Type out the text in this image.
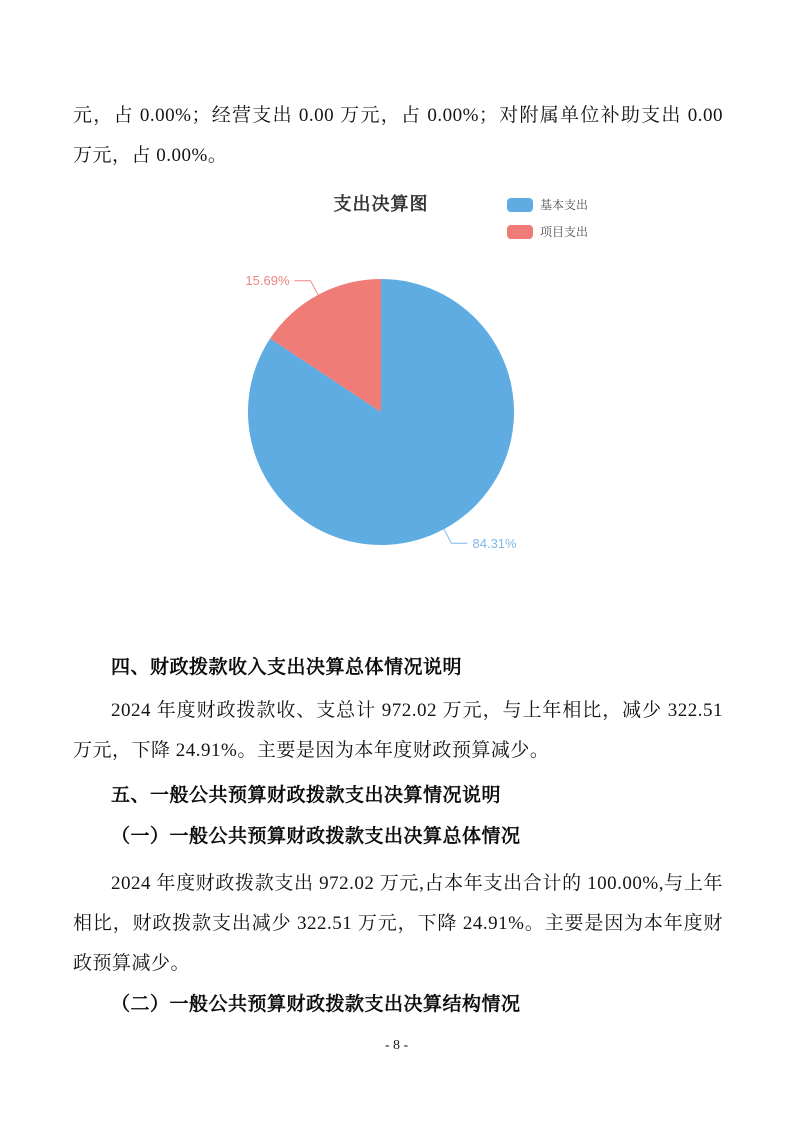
元，占 0.00%；经营支出 0.00 万元，占 0.00%；对附属单位补助支出 0.00 万元，占 0.00%。
84.31%
15.69%
支出决算图	基本支出
项目支出
四、财政拨款收入支出决算总体情况说明
2024 年度财政拨款收、支总计 972.02 万元，与上年相比，减少 322.51 万元，下降 24.91%。主要是因为本年度财政预算减少。
五、一般公共预算财政拨款支出决算情况说明
（一）一般公共预算财政拨款支出决算总体情况
2024 年度财政拨款支出 972.02 万元,占本年支出合计的 100.00%,与上年相比，财政拨款支出减少 322.51 万元，下降 24.91%。主要是因为本年度财政预算减少。
（二）一般公共预算财政拨款支出决算结构情况
- 8 -
